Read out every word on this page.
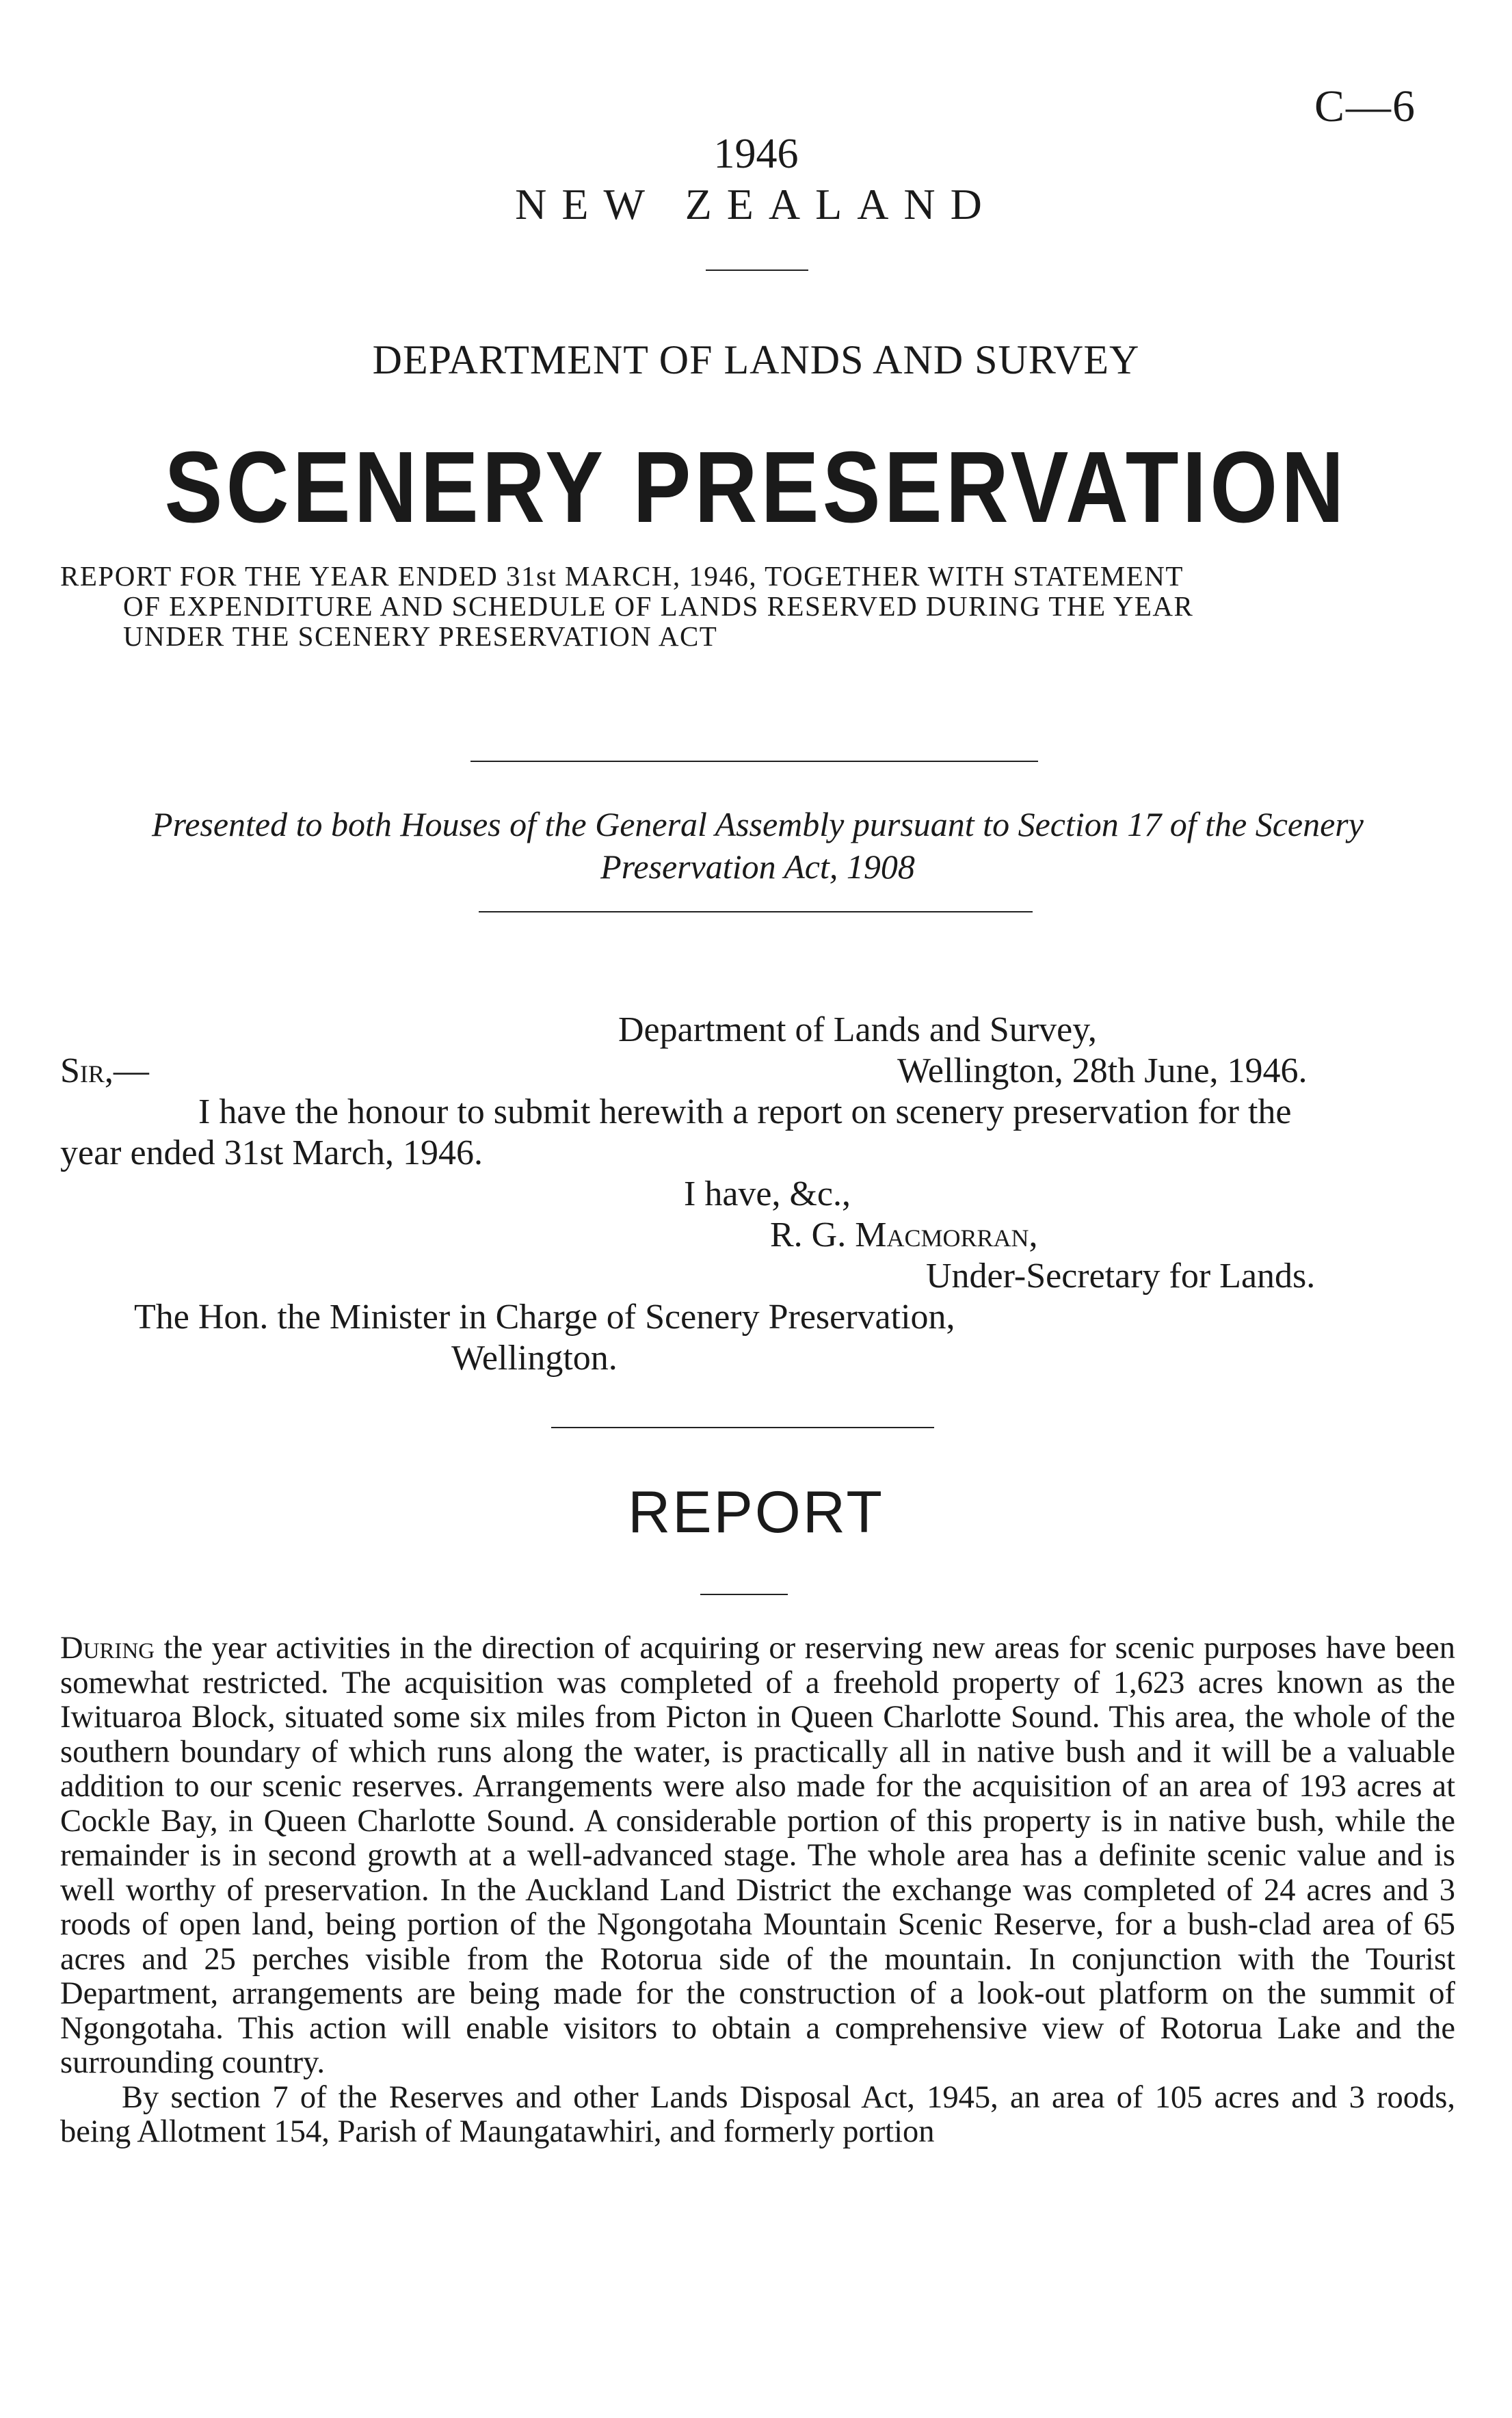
C—6
1946
NEW ZEALAND
DEPARTMENT OF LANDS AND SURVEY
SCENERY PRESERVATION
REPORT FOR THE YEAR ENDED 31st MARCH, 1946, TOGETHER WITH STATEMENT
OF EXPENDITURE AND SCHEDULE OF LANDS RESERVED DURING THE YEAR
UNDER THE SCENERY PRESERVATION ACT
Presented to both Houses of the General Assembly pursuant to Section 17 of the Scenery
Preservation Act, 1908
Department of Lands and Survey,
Sir,—	Wellington, 28th June, 1946.
I have the honour to submit herewith a report on scenery preservation for the
year ended 31st March, 1946.
I have, &c.,
R. G. Macmorran,
Under-Secretary for Lands.
The Hon. the Minister in Charge of Scenery Preservation,
Wellington.
REPORT

During the year activities in the direction of acquiring or reserving new areas for scenic purposes have been somewhat restricted. The acquisition was completed of a freehold property of 1,623 acres known as the Iwituaroa Block, situated some six miles from Picton in Queen Charlotte Sound. This area, the whole of the southern boundary of which runs along the water, is practically all in native bush and it will be a valuable addition to our scenic reserves. Arrangements were also made for the acquisition of an area of 193 acres at Cockle Bay, in Queen Charlotte Sound. A considerable portion of this property is in native bush, while the remainder is in second growth at a well-advanced stage. The whole area has a definite scenic value and is well worthy of preservation. In the Auckland Land District the exchange was completed of 24 acres and 3 roods of open land, being portion of the Ngongotaha Mountain Scenic Reserve, for a bush-clad area of 65 acres and 25 perches visible from the Rotorua side of the mountain. In conjunction with the Tourist Department, arrangements are being made for the construction of a look-out platform on the summit of Ngongotaha. This action will enable visitors to obtain a comprehensive view of Rotorua Lake and the surrounding country.

By section 7 of the Reserves and other Lands Disposal Act, 1945, an area of 105 acres and 3 roods, being Allotment 154, Parish of Maungatawhiri, and formerly portion
